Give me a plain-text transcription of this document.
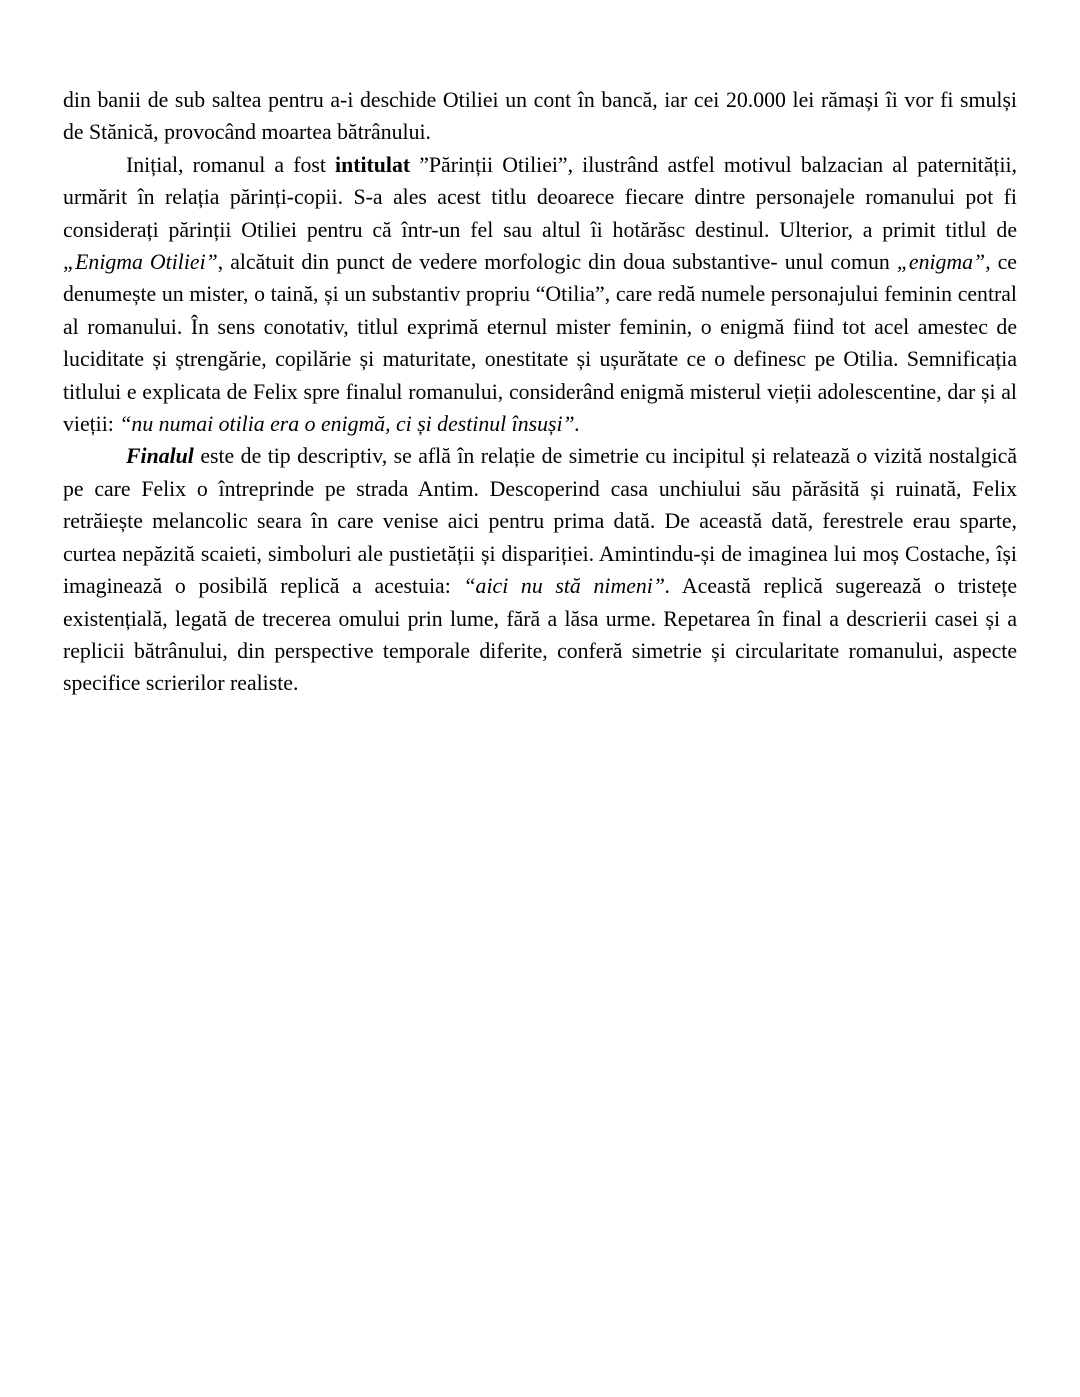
din banii de sub saltea pentru a-i deschide Otiliei un cont în bancă, iar cei 20.000 lei rămași îi vor fi smulși de Stănică, provocând moartea bătrânului.

Inițial, romanul a fost intitulat ”Părinții Otiliei”, ilustrând astfel motivul balzacian al paternității, urmărit în relația părinți-copii. S-a ales acest titlu deoarece fiecare dintre personajele romanului pot fi considerați părinții Otiliei pentru că într-un fel sau altul îi hotărăsc destinul. Ulterior, a primit titlul de „Enigma Otiliei”, alcătuit din punct de vedere morfologic din doua substantive- unul comun „enigma”, ce denumește un mister, o taină, și un substantiv propriu “Otilia”, care redă numele personajului feminin central al romanului. În sens conotativ, titlul exprimă eternul mister feminin, o enigmă fiind tot acel amestec de luciditate și ștrengărie, copilărie și maturitate, onestitate și ușurătate ce o definesc pe Otilia. Semnificația titlului e explicata de Felix spre finalul romanului, considerând enigmă misterul vieții adolescentine, dar și al vieții: “nu numai otilia era o enigmă, ci și destinul însuși”.

Finalul este de tip descriptiv, se află în relație de simetrie cu incipitul și relatează o vizită nostalgică pe care Felix o întreprinde pe strada Antim. Descoperind casa unchiului său părăsită și ruinată, Felix retrăiește melancolic seara în care venise aici pentru prima dată. De această dată, ferestrele erau sparte, curtea nepăzită scaieti, simboluri ale pustietății și dispariției. Amintindu-și de imaginea lui moș Costache, își imaginează o posibilă replică a acestuia: “aici nu stă nimeni”. Această replică sugerează o tristețe existențială, legată de trecerea omului prin lume, fără a lăsa urme. Repetarea în final a descrierii casei și a replicii bătrânului, din perspective temporale diferite, conferă simetrie și circularitate romanului, aspecte specifice scrierilor realiste.
